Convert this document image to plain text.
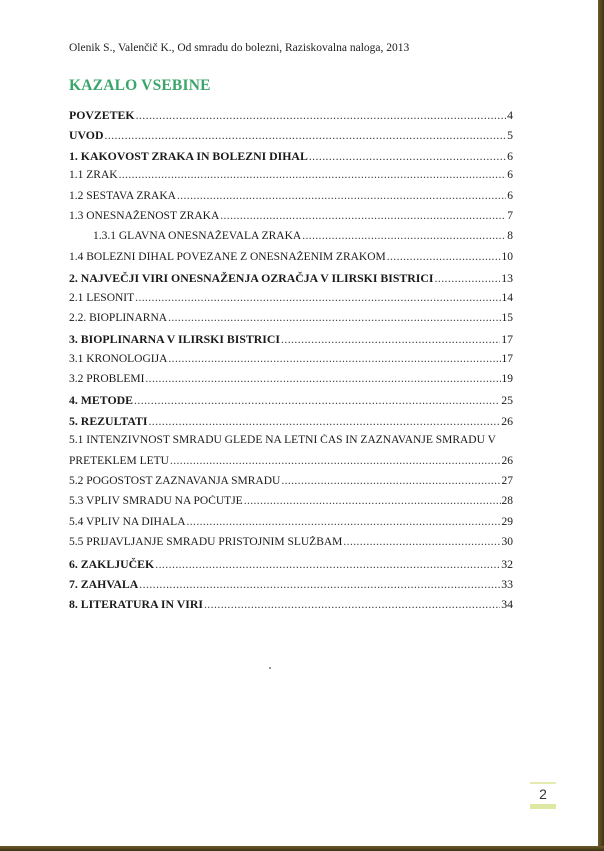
Olenik S., Valenčič K., Od smradu do bolezni, Raziskovalna naloga, 2013
KAZALO VSEBINE
POVZETEK .....	4
UVOD .....	5
1. KAKOVOST ZRAKA IN BOLEZNI DIHAL .....	6
1.1 ZRAK .....	6
1.2 SESTAVA ZRAKA .....	6
1.3 ONESNAŽENOST ZRAKA .....	7
1.3.1 GLAVNA ONESNAŽEVALA ZRAKA .....	8
1.4 BOLEZNI DIHAL POVEZANE Z ONESNAŽENIM ZRAKOM .....	10
2. NAJVEČJI VIRI ONESNAŽENJA OZRAČJA V ILIRSKI BISTRICI .....	13
2.1 LESONIT .....	14
2.2. BIOPLINARNA .....	15
3. BIOPLINARNA V ILIRSKI BISTRICI .....	17
3.1 KRONOLOGIJA .....	17
3.2 PROBLEMI .....	19
4. METODE .....	25
5. REZULTATI .....	26
5.1 INTENZIVNOST SMRADU GLEDE NA LETNI ČAS IN ZAZNAVANJE SMRADU V
PRETEKLEM LETU .....	26
5.2 POGOSTOST ZAZNAVANJA SMRADU .....	27
5.3 VPLIV SMRADU NA POČUTJE .....	28
5.4 VPLIV NA DIHALA .....	29
5.5 PRIJAVLJANJE SMRADU PRISTOJNIM SLUŽBAM .....	30
6. ZAKLJUČEK .....	32
7. ZAHVALA .....	33
8. LITERATURA IN VIRI .....	34
2
